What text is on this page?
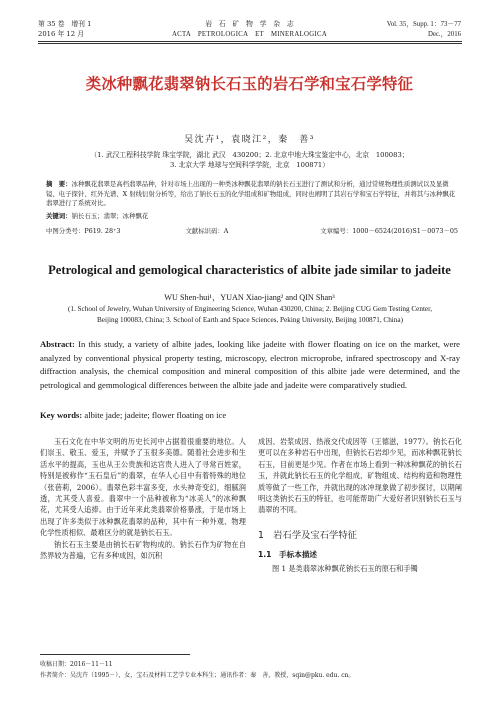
第 35 卷　增刊 1
2016 年 12 月
岩　石　矿　物　学　杂　志
ACTA　PETROLOGICA　ET　MINERALOGICA
Vol. 35，Supp. 1：73－77
Dec.，2016
类冰种飘花翡翠钠长石玉的岩石学和宝石学特征
吴沈卉¹，袁晓江²，秦　善³
（1. 武汉工程科技学院 珠宝学院，湖北 武汉　430200；2. 北京中地大珠宝鉴定中心，北京　100083；
3. 北京大学 地球与空间科学学院，北京　100871）
摘　要：冰种飘花翡翠是高档翡翠品种，针对市场上出现的一种类冰种飘花翡翠的钠长石玉进行了测试和分析，通过常规物理性质测试以及显微镜、电子探针、红外光谱、X 射线衍射分析等，给出了钠长石玉的化学组成和矿物组成，同时也阐明了其岩石学和宝石学特征，并将其与冰种飘花翡翠进行了系统对比。
关键词：钠长石玉；翡翠；冰种飘花
中图分类号：P619. 28⁺3	文献标识码：A	文章编号：1000－6524(2016)S1－0073－05
Petrological and gemological characteristics of albite jade similar to jadeite
WU Shen-hui¹，YUAN Xiao-jiang² and QIN Shan³
(1. School of Jewelry, Wuhan University of Engineering Science, Wuhan 430200, China; 2. Beijing CUG Gem Testing Center,
Beijing 100083, China; 3. School of Earth and Space Sciences, Peking University, Beijing 100871, China)
Abstract: In this study, a variety of albite jades, looking like jadeite with flower floating on ice on the market, were analyzed by conventional physical property testing, microscopy, electron microprobe, infrared spectroscopy and X-ray diffraction analysis, the chemical composition and mineral composition of this albite jade were determined, and the petrological and gemmological differences between the albite jade and jadeite were comparatively studied.
Key words: albite jade; jadeite; flower floating on ice

玉石文化在中华文明的历史长河中占据着很重要的地位。人们崇玉、敬玉、爱玉，并赋予了玉很多美德。随着社会进步和生活水平的提高，玉也从王公贵族和达官贵人进入了寻常百姓家，特别是被称作“玉石皇后”的翡翠，在华人心目中有着特殊的地位（张蓓莉，2006）。翡翠色彩丰富多变，水头神奇变幻，细腻润透，尤其受人喜爱。翡翠中一个品种被称为“冰美人”的冰种飘花，尤其受人追捧。由于近年来此类翡翠价格暴涨，于是市场上出现了许多类似于冰种飘花翡翠的品种，其中有一种外观、物理化学性质相似、最难区分的就是钠长石玉。

钠长石玉主要是由钠长石矿物构成的。钠长石作为矿物在自然界较为普遍，它有多种成因，如沉积

成因、岩浆成因、热液交代成因等（王德滋，1977）。钠长石化更可以在多种岩石中出现，但钠长石岩却少见，而冰种飘花钠长石玉，目前更是少见。作者在市场上看到一种冰种飘花的钠长石玉，并就此钠长石玉的化学组成、矿物组成、结构构造和物理性质等做了一些工作，并就出现的冰冲现象做了初步探讨，以期阐明这类钠长石玉的特征，也可能帮助广大爱好者识别钠长石玉与翡翠的不同。

1　 岩石学及宝石学特征
1.1　 手标本描述

图 1 是类翡翠冰种飘花钠长石玉的原石和手镯

收稿日期：2016－11－11
作者简介：吴沈卉（1995－），女，宝石及材料工艺学专业本科生；通讯作者：秦　善，教授，sqin@pku. edu. cn。
